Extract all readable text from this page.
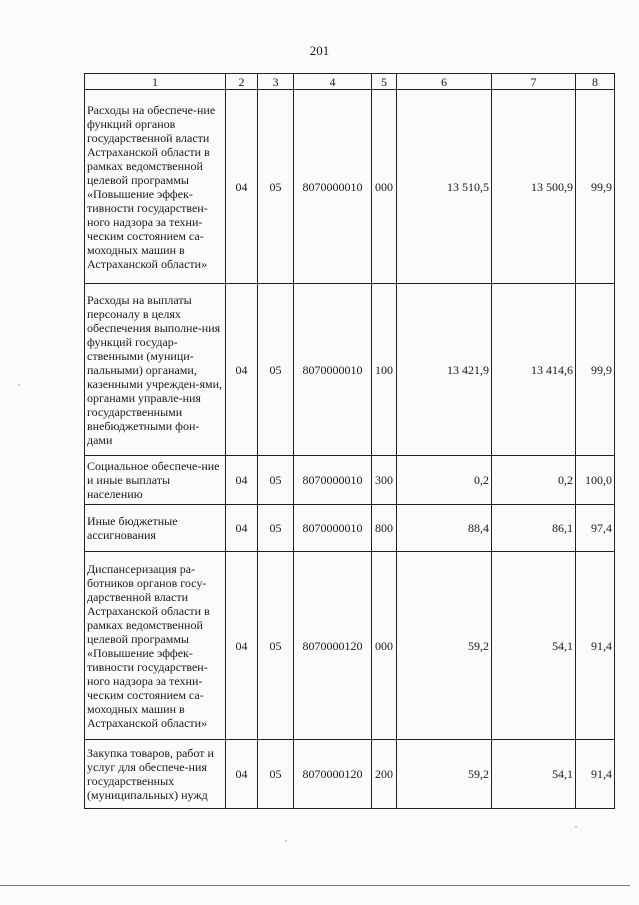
201
1	2	3	4	5	6	7	8
Расходы на обеспече-ние функций органов государственной власти Астраханской области в рамках ведомственной целевой программы «Повышение эффек-тивности государствен-ного надзора за техни-ческим состоянием са-моходных машин в Астраханской области»	04	05	8070000010	000	13 510,5	13 500,9	99,9
Расходы на выплаты персоналу в целях обеспечения выполне-ния функций государ-ственными (муници-пальными) органами, казенными учрежден-ями, органами управле-ния государственными внебюджетными фон-дами	04	05	8070000010	100	13 421,9	13 414,6	99,9
Социальное обеспече-ние и иные выплаты населению	04	05	8070000010	300	0,2	0,2	100,0
Иные бюджетные ассигнования	04	05	8070000010	800	88,4	86,1	97,4
Диспансеризация ра-ботников органов госу-дарственной власти Астраханской области в рамках ведомственной целевой программы «Повышение эффек-тивности государствен-ного надзора за техни-ческим состоянием са-моходных машин в Астраханской области»	04	05	8070000120	000	59,2	54,1	91,4
Закупка товаров, работ и услуг для обеспече-ния государственных (муниципальных) нужд	04	05	8070000120	200	59,2	54,1	91,4
